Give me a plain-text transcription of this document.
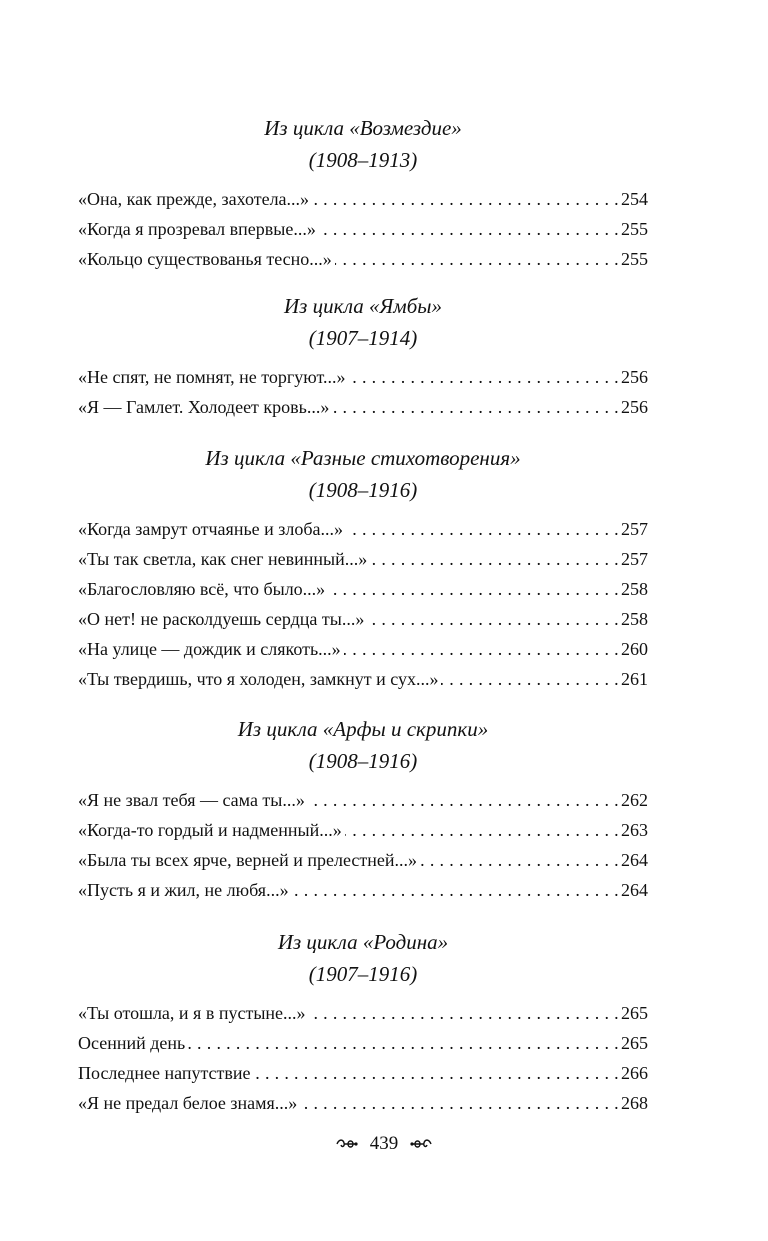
Из цикла «Возмездие»

(1908–1913)

«Она, как прежде, захотела...» . . .	254
«Когда я прозревал впервые...» . . .	255
«Кольцо существованья тесно...» . . .	255

Из цикла «Ямбы»

(1907–1914)

«Не спят, не помнят, не торгуют...» . . .	256
«Я — Гамлет. Холодеет кровь...» . . .	256

Из цикла «Разные стихотворения»

(1908–1916)

«Когда замрут отчаянье и злоба...» . . .	257
«Ты так светла, как снег невинный...» . . .	257
«Благословляю всё, что было...» . . .	258
«О нет! не расколдуешь сердца ты...» . . .	258
«На улице — дождик и слякоть...» . . .	260
«Ты твердишь, что я холоден, замкнут и сух...» . . .	261

Из цикла «Арфы и скрипки»

(1908–1916)

«Я не звал тебя — сама ты...» . . .	262
«Когда-то гордый и надменный...» . . .	263
«Была ты всех ярче, верней и прелестней...» . . .	264
«Пусть я и жил, не любя...» . . .	264

Из цикла «Родина»

(1907–1916)

«Ты отошла, и я в пустыне...» . . .	265
Осенний день . . .	265
Последнее напутствие . . .	266
«Я не предал белое знамя...» . . .	268
439
